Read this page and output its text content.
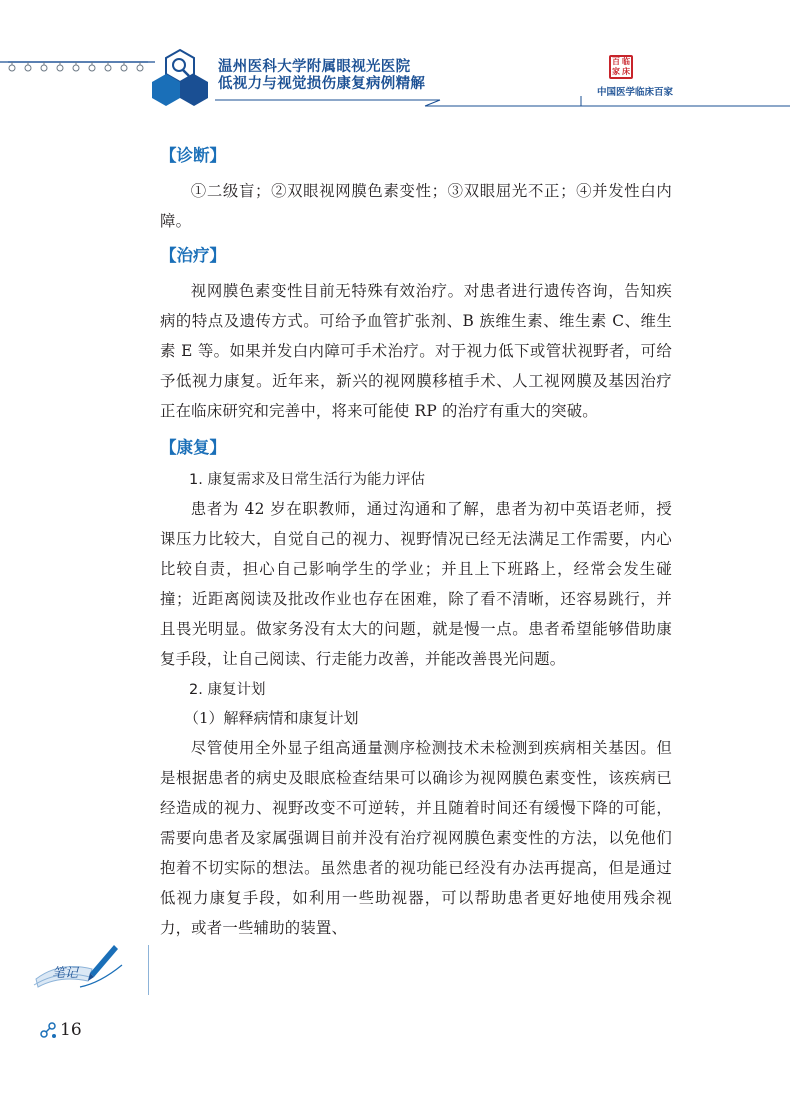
温州医科大学附属眼视光医院
低视力与视觉损伤康复病例精解
百 临
家 床
中国医学临床百家
【诊断】

①二级盲；②双眼视网膜色素变性；③双眼屈光不正；④并发性白内障。

【治疗】

视网膜色素变性目前无特殊有效治疗。对患者进行遗传咨询，告知疾病的特点及遗传方式。可给予血管扩张剂、B 族维生素、维生素 C、维生素 E 等。如果并发白内障可手术治疗。对于视力低下或管状视野者，可给予低视力康复。近年来，新兴的视网膜移植手术、人工视网膜及基因治疗正在临床研究和完善中，将来可能使 RP 的治疗有重大的突破。

【康复】

1. 康复需求及日常生活行为能力评估

患者为 42 岁在职教师，通过沟通和了解，患者为初中英语老师，授课压力比较大，自觉自己的视力、视野情况已经无法满足工作需要，内心比较自责，担心自己影响学生的学业；并且上下班路上，经常会发生碰撞；近距离阅读及批改作业也存在困难，除了看不清晰，还容易跳行，并且畏光明显。做家务没有太大的问题，就是慢一点。患者希望能够借助康复手段，让自己阅读、行走能力改善，并能改善畏光问题。

2. 康复计划

（1）解释病情和康复计划

尽管使用全外显子组高通量测序检测技术未检测到疾病相关基因。但是根据患者的病史及眼底检查结果可以确诊为视网膜色素变性，该疾病已经造成的视力、视野改变不可逆转，并且随着时间还有缓慢下降的可能，需要向患者及家属强调目前并没有治疗视网膜色素变性的方法，以免他们抱着不切实际的想法。虽然患者的视功能已经没有办法再提高，但是通过低视力康复手段，如利用一些助视器，可以帮助患者更好地使用残余视力，或者一些辅助的装置、

笔记
16
